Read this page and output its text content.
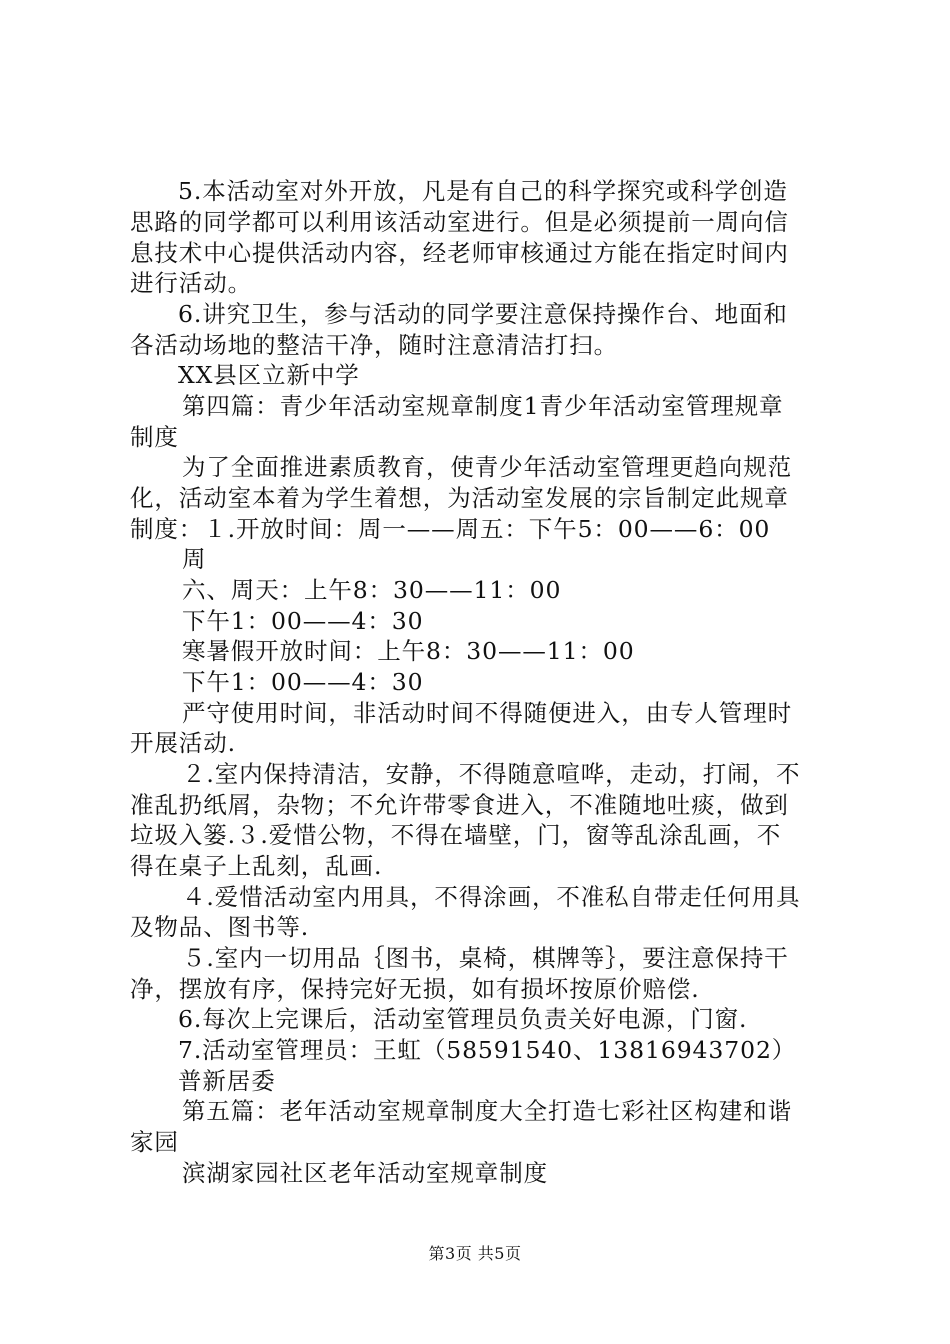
5.本活动室对外开放，凡是有自己的科学探究或科学创造
思路的同学都可以利用该活动室进行。但是必须提前一周向信
息技术中心提供活动内容，经老师审核通过方能在指定时间内
进行活动。
6.讲究卫生，参与活动的同学要注意保持操作台、地面和
各活动场地的整洁干净，随时注意清洁打扫。
XX县区立新中学
第四篇：青少年活动室规章制度1青少年活动室管理规章
制度
为了全面推进素质教育，使青少年活动室管理更趋向规范
化，活动室本着为学生着想，为活动室发展的宗旨制定此规章
制度：１.开放时间：周一——周五：下午5：00——6：00
周
六、周天：上午8：30——11：00
下午1：00——4：30
寒暑假开放时间：上午8：30——11：00
下午1：00——4：30
严守使用时间，非活动时间不得随便进入，由专人管理时
开展活动.
２.室内保持清洁，安静，不得随意喧哗，走动，打闹，不
准乱扔纸屑，杂物；不允许带零食进入，不准随地吐痰，做到
垃圾入篓.３.爱惜公物，不得在墙壁，门，窗等乱涂乱画，不
得在桌子上乱刻，乱画.
４.爱惜活动室内用具，不得涂画，不准私自带走任何用具
及物品、图书等.
５.室内一切用品｛图书，桌椅，棋牌等｝，要注意保持干
净，摆放有序，保持完好无损，如有损坏按原价赔偿.
6.每次上完课后，活动室管理员负责关好电源，门窗.
7.活动室管理员：王虹（58591540、13816943702）
普新居委
第五篇：老年活动室规章制度大全打造七彩社区构建和谐
家园
滨湖家园社区老年活动室规章制度
第3页 共5页
